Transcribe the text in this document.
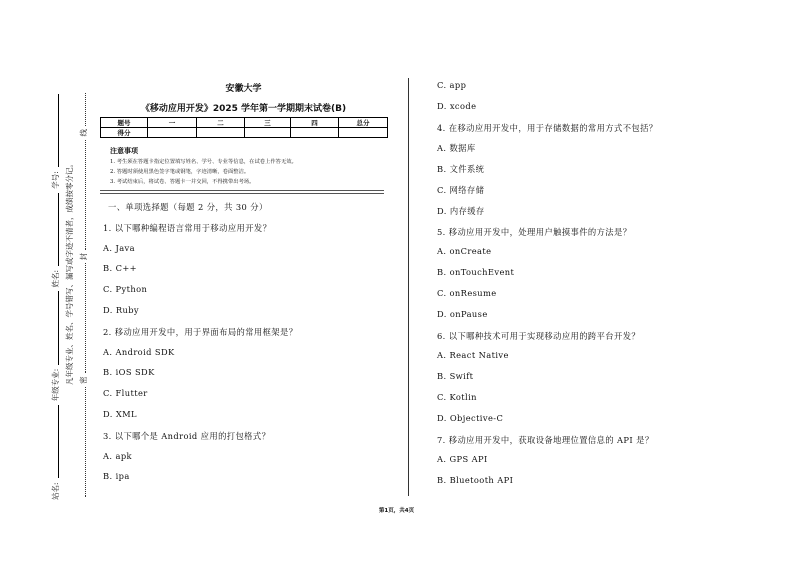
安徽大学
《移动应用开发》2025 学年第一学期期末试卷(B)
题号	一	二	三	四	总分
得分					
注意事项
1. 考生须在答题卡指定位置填写姓名、学号、专业等信息，在试卷上作答无效。
2. 答题时须使用黑色签字笔或钢笔，字迹清晰，卷面整洁。
3. 考试结束后，将试卷、答题卡一并交回，不得携带出考场。
一、单项选择题（每题 2 分，共 30 分）
1. 以下哪种编程语言常用于移动应用开发？
A. Java
B. C++
C. Python
D. Ruby
2. 移动应用开发中，用于界面布局的常用框架是？
A. Android SDK
B. iOS SDK
C. Flutter
D. XML
3. 以下哪个是 Android 应用的打包格式？
A. apk
B. ipa
C. app
D. xcode
4. 在移动应用开发中，用于存储数据的常用方式不包括？
A. 数据库
B. 文件系统
C. 网络存储
D. 内存缓存
5. 移动应用开发中，处理用户触摸事件的方法是？
A. onCreate
B. onTouchEvent
C. onResume
D. onPause
6. 以下哪种技术可用于实现移动应用的跨平台开发？
A. React Native
B. Swift
C. Kotlin
D. Objective-C
7. 移动应用开发中，获取设备地理位置信息的 API 是？
A. GPS API
B. Bluetooth API
站名:
年级专业:
姓名:
学号: 凡年级专业、姓名、学号错写、漏写或字迹不清者，成绩按零分记。 密
封
线
第1页，共4页
